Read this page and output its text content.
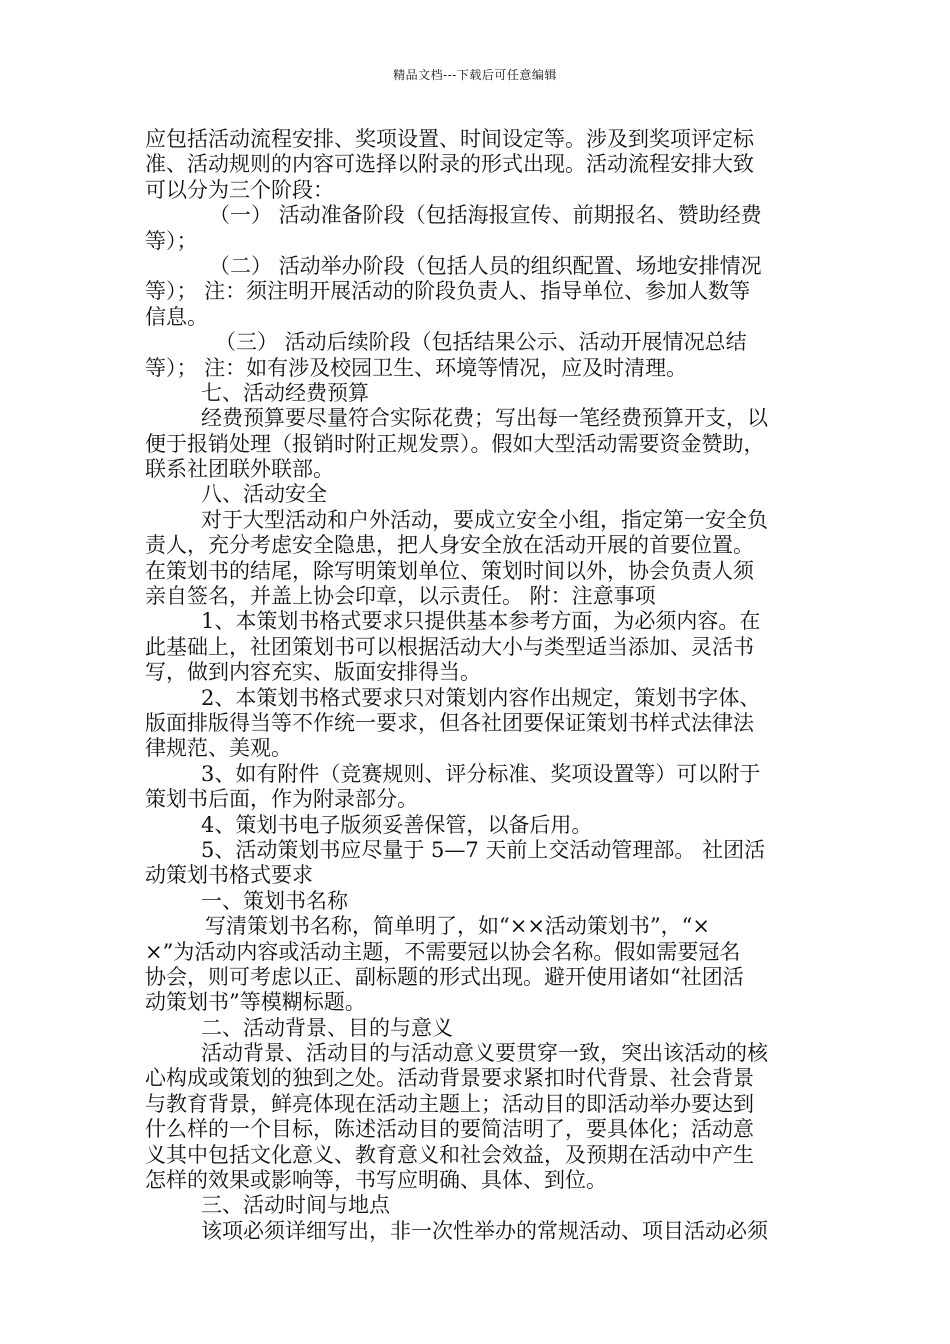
精品文档---下载后可任意编辑
应包括活动流程安排、奖项设置、时间设定等。涉及到奖项评定标
准、活动规则的内容可选择以附录的形式出现。活动流程安排大致
可以分为三个阶段：
（一） 活动准备阶段（包括海报宣传、前期报名、赞助经费
等）；
（二） 活动举办阶段（包括人员的组织配置、场地安排情况
等）； 注：须注明开展活动的阶段负责人、指导单位、参加人数等
信息。
（三） 活动后续阶段（包括结果公示、活动开展情况总结
等）； 注：如有涉及校园卫生、环境等情况，应及时清理。
七、活动经费预算
经费预算要尽量符合实际花费；写出每一笔经费预算开支，以
便于报销处理（报销时附正规发票）。假如大型活动需要资金赞助，
联系社团联外联部。
八、活动安全
对于大型活动和户外活动，要成立安全小组，指定第一安全负
责人，充分考虑安全隐患，把人身安全放在活动开展的首要位置。
在策划书的结尾，除写明策划单位、策划时间以外，协会负责人须
亲自签名，并盖上协会印章，以示责任。 附：注意事项
1、本策划书格式要求只提供基本参考方面，为必须内容。在
此基础上，社团策划书可以根据活动大小与类型适当添加、灵活书
写，做到内容充实、版面安排得当。
2、本策划书格式要求只对策划内容作出规定，策划书字体、
版面排版得当等不作统一要求，但各社团要保证策划书样式法律法
律规范、美观。
3、如有附件（竞赛规则、评分标准、奖项设置等）可以附于
策划书后面，作为附录部分。
4、策划书电子版须妥善保管，以备后用。
5、活动策划书应尽量于 5—7 天前上交活动管理部。 社团活
动策划书格式要求
一、策划书名称
写清策划书名称，简单明了，如“××活动策划书”，“×
×”为活动内容或活动主题，不需要冠以协会名称。假如需要冠名
协会，则可考虑以正、副标题的形式出现。避开使用诸如“社团活
动策划书”等模糊标题。
二、活动背景、目的与意义
活动背景、活动目的与活动意义要贯穿一致，突出该活动的核
心构成或策划的独到之处。活动背景要求紧扣时代背景、社会背景
与教育背景，鲜亮体现在活动主题上；活动目的即活动举办要达到
什么样的一个目标，陈述活动目的要简洁明了，要具体化；活动意
义其中包括文化意义、教育意义和社会效益，及预期在活动中产生
怎样的效果或影响等，书写应明确、具体、到位。
三、活动时间与地点
该项必须详细写出，非一次性举办的常规活动、项目活动必须
